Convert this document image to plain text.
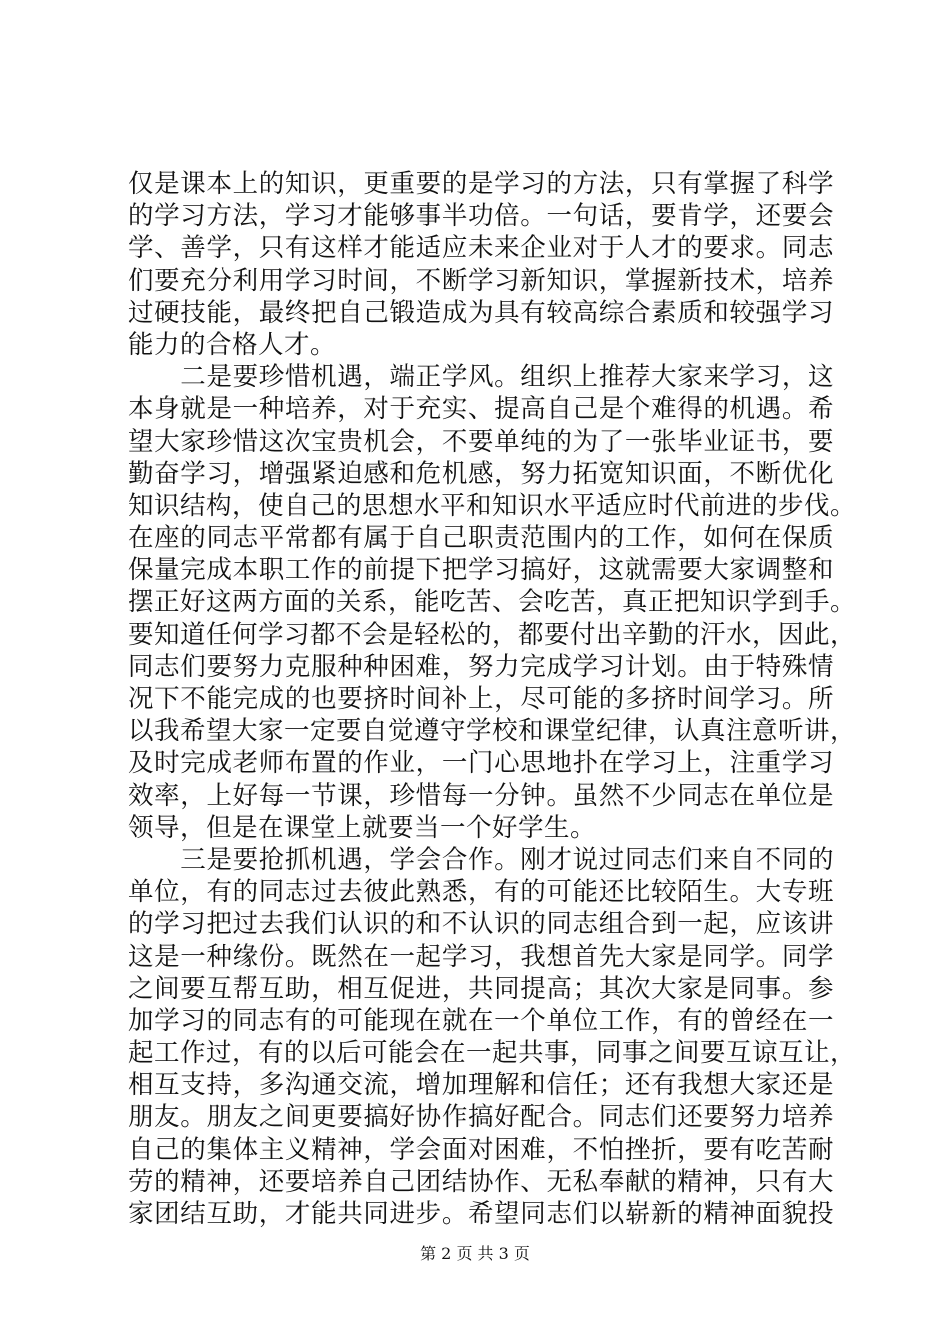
仅是课本上的知识，更重要的是学习的方法，只有掌握了科学
的学习方法，学习才能够事半功倍。一句话，要肯学，还要会
学、善学，只有这样才能适应未来企业对于人才的要求。同志
们要充分利用学习时间，不断学习新知识，掌握新技术，培养
过硬技能，最终把自己锻造成为具有较高综合素质和较强学习
能力的合格人才。
　　二是要珍惜机遇，端正学风。组织上推荐大家来学习，这
本身就是一种培养，对于充实、提高自己是个难得的机遇。希
望大家珍惜这次宝贵机会，不要单纯的为了一张毕业证书，要
勤奋学习，增强紧迫感和危机感，努力拓宽知识面，不断优化
知识结构，使自己的思想水平和知识水平适应时代前进的步伐。
在座的同志平常都有属于自己职责范围内的工作，如何在保质
保量完成本职工作的前提下把学习搞好，这就需要大家调整和
摆正好这两方面的关系，能吃苦、会吃苦，真正把知识学到手。
要知道任何学习都不会是轻松的，都要付出辛勤的汗水，因此，
同志们要努力克服种种困难，努力完成学习计划。由于特殊情
况下不能完成的也要挤时间补上，尽可能的多挤时间学习。所
以我希望大家一定要自觉遵守学校和课堂纪律，认真注意听讲，
及时完成老师布置的作业，一门心思地扑在学习上，注重学习
效率，上好每一节课，珍惜每一分钟。虽然不少同志在单位是
领导，但是在课堂上就要当一个好学生。
　　三是要抢抓机遇，学会合作。刚才说过同志们来自不同的
单位，有的同志过去彼此熟悉，有的可能还比较陌生。大专班
的学习把过去我们认识的和不认识的同志组合到一起，应该讲
这是一种缘份。既然在一起学习，我想首先大家是同学。同学
之间要互帮互助，相互促进，共同提高；其次大家是同事。参
加学习的同志有的可能现在就在一个单位工作，有的曾经在一
起工作过，有的以后可能会在一起共事，同事之间要互谅互让，
相互支持，多沟通交流，增加理解和信任；还有我想大家还是
朋友。朋友之间更要搞好协作搞好配合。同志们还要努力培养
自己的集体主义精神，学会面对困难，不怕挫折，要有吃苦耐
劳的精神，还要培养自己团结协作、无私奉献的精神，只有大
家团结互助，才能共同进步。希望同志们以崭新的精神面貌投
第 2 页 共 3 页
